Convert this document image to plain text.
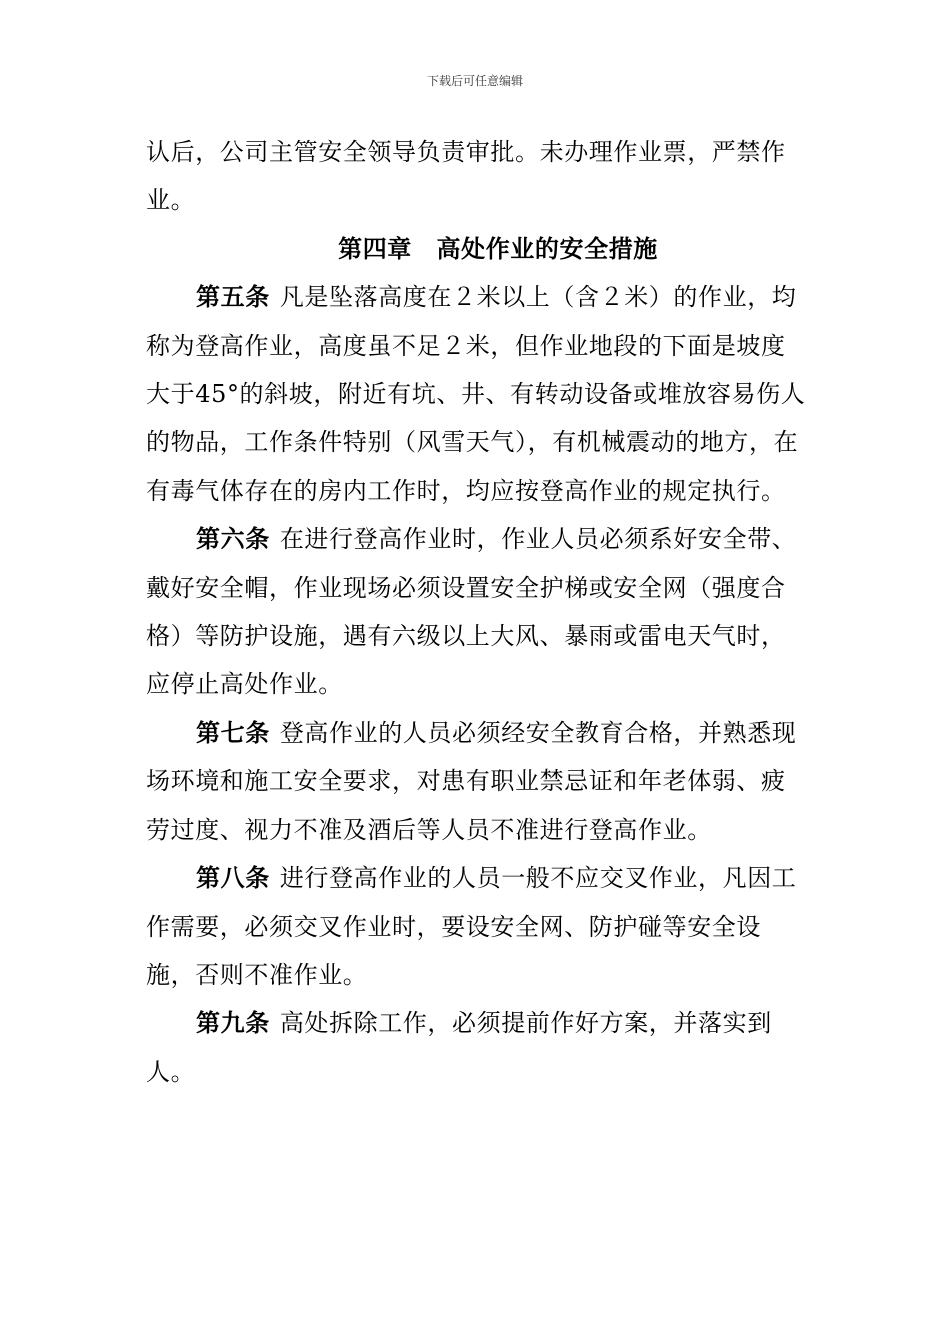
下载后可任意编辑

认后，公司主管安全领导负责审批。未办理作业票，严禁作业。

第四章　高处作业的安全措施

第五条 凡是坠落高度在２米以上（含２米）的作业，均称为登高作业，高度虽不足２米，但作业地段的下面是坡度大于45°的斜坡，附近有坑、井、有转动设备或堆放容易伤人的物品，工作条件特别（风雪天气），有机械震动的地方，在有毒气体存在的房内工作时，均应按登高作业的规定执行。

第六条 在进行登高作业时，作业人员必须系好安全带、戴好安全帽，作业现场必须设置安全护梯或安全网（强度合格）等防护设施，遇有六级以上大风、暴雨或雷电天气时，应停止高处作业。

第七条 登高作业的人员必须经安全教育合格，并熟悉现场环境和施工安全要求，对患有职业禁忌证和年老体弱、疲劳过度、视力不准及酒后等人员不准进行登高作业。

第八条 进行登高作业的人员一般不应交叉作业，凡因工作需要，必须交叉作业时，要设安全网、防护碰等安全设施，否则不准作业。

第九条 高处拆除工作，必须提前作好方案，并落实到人。
